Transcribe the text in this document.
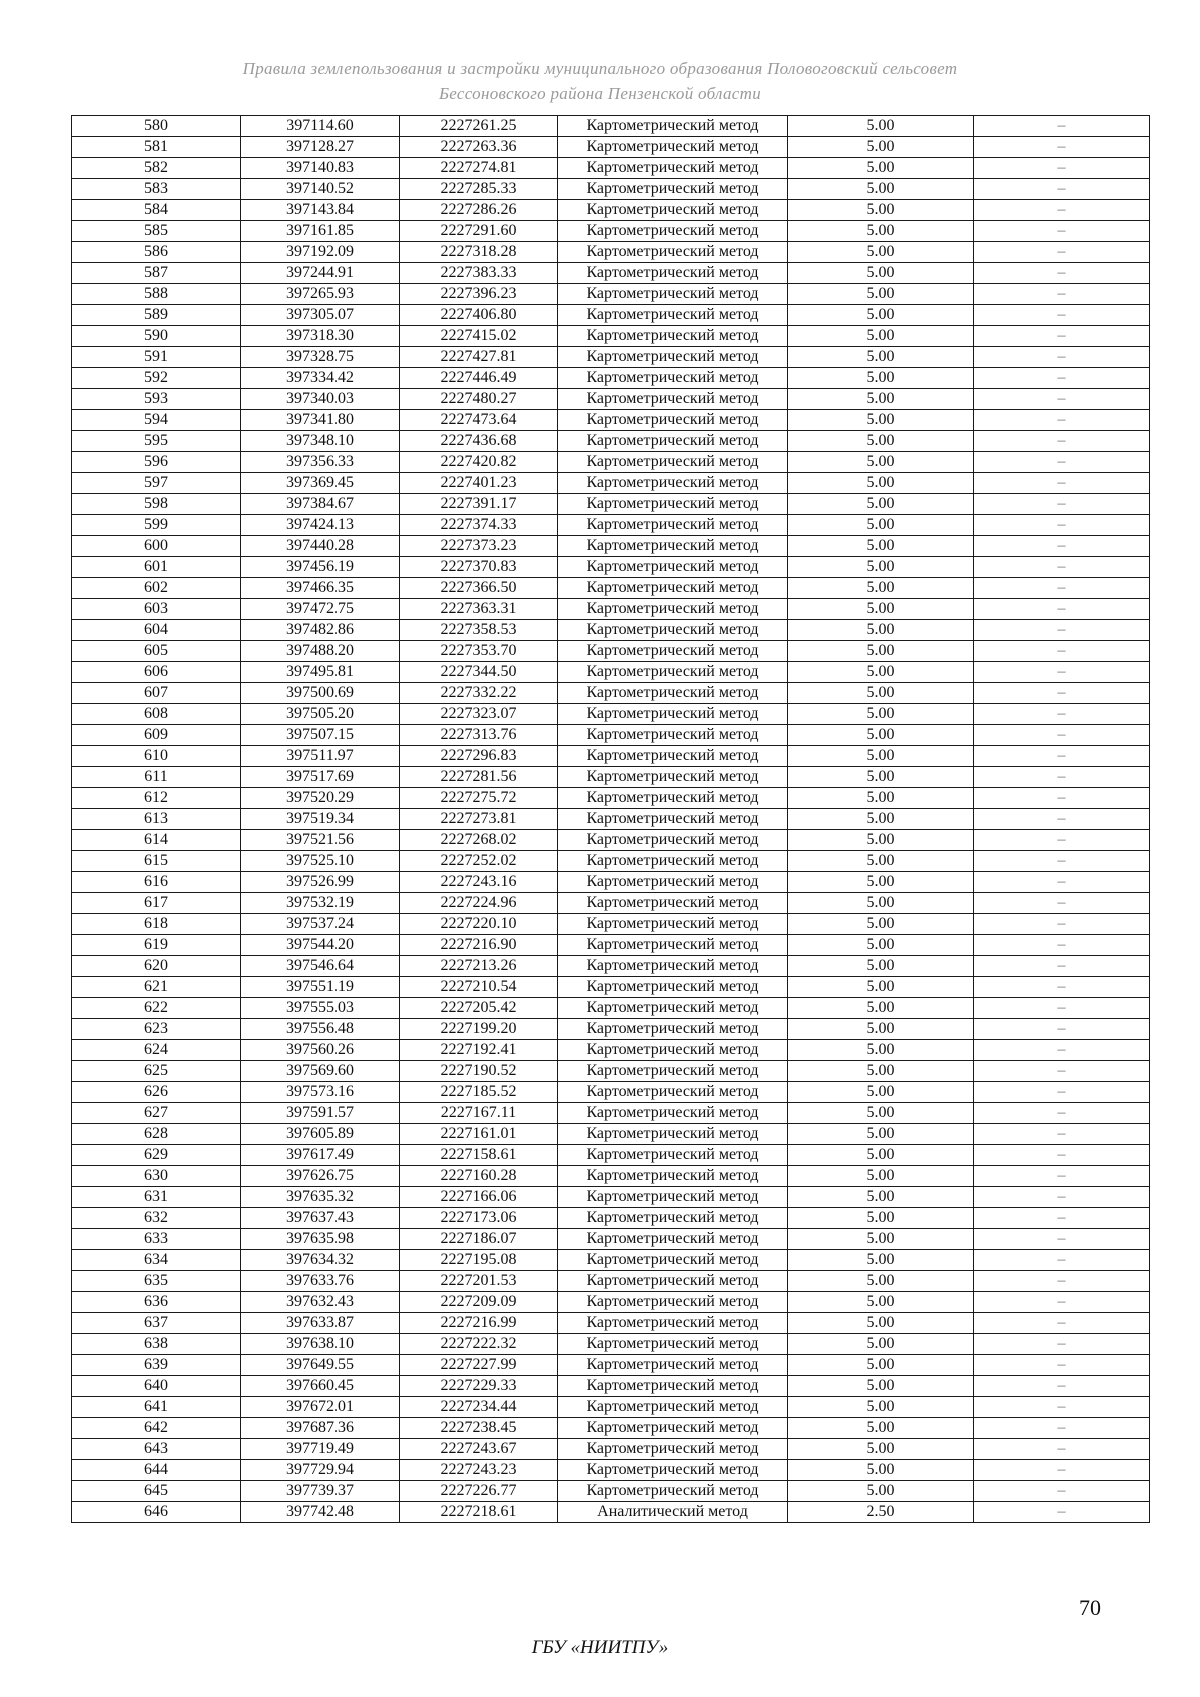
Правила землепользования и застройки муниципального образования Половоговский сельсовет
Бессоновского района Пензенской области
580	397114.60	2227261.25	Картометрический метод	5.00	–
581	397128.27	2227263.36	Картометрический метод	5.00	–
582	397140.83	2227274.81	Картометрический метод	5.00	–
583	397140.52	2227285.33	Картометрический метод	5.00	–
584	397143.84	2227286.26	Картометрический метод	5.00	–
585	397161.85	2227291.60	Картометрический метод	5.00	–
586	397192.09	2227318.28	Картометрический метод	5.00	–
587	397244.91	2227383.33	Картометрический метод	5.00	–
588	397265.93	2227396.23	Картометрический метод	5.00	–
589	397305.07	2227406.80	Картометрический метод	5.00	–
590	397318.30	2227415.02	Картометрический метод	5.00	–
591	397328.75	2227427.81	Картометрический метод	5.00	–
592	397334.42	2227446.49	Картометрический метод	5.00	–
593	397340.03	2227480.27	Картометрический метод	5.00	–
594	397341.80	2227473.64	Картометрический метод	5.00	–
595	397348.10	2227436.68	Картометрический метод	5.00	–
596	397356.33	2227420.82	Картометрический метод	5.00	–
597	397369.45	2227401.23	Картометрический метод	5.00	–
598	397384.67	2227391.17	Картометрический метод	5.00	–
599	397424.13	2227374.33	Картометрический метод	5.00	–
600	397440.28	2227373.23	Картометрический метод	5.00	–
601	397456.19	2227370.83	Картометрический метод	5.00	–
602	397466.35	2227366.50	Картометрический метод	5.00	–
603	397472.75	2227363.31	Картометрический метод	5.00	–
604	397482.86	2227358.53	Картометрический метод	5.00	–
605	397488.20	2227353.70	Картометрический метод	5.00	–
606	397495.81	2227344.50	Картометрический метод	5.00	–
607	397500.69	2227332.22	Картометрический метод	5.00	–
608	397505.20	2227323.07	Картометрический метод	5.00	–
609	397507.15	2227313.76	Картометрический метод	5.00	–
610	397511.97	2227296.83	Картометрический метод	5.00	–
611	397517.69	2227281.56	Картометрический метод	5.00	–
612	397520.29	2227275.72	Картометрический метод	5.00	–
613	397519.34	2227273.81	Картометрический метод	5.00	–
614	397521.56	2227268.02	Картометрический метод	5.00	–
615	397525.10	2227252.02	Картометрический метод	5.00	–
616	397526.99	2227243.16	Картометрический метод	5.00	–
617	397532.19	2227224.96	Картометрический метод	5.00	–
618	397537.24	2227220.10	Картометрический метод	5.00	–
619	397544.20	2227216.90	Картометрический метод	5.00	–
620	397546.64	2227213.26	Картометрический метод	5.00	–
621	397551.19	2227210.54	Картометрический метод	5.00	–
622	397555.03	2227205.42	Картометрический метод	5.00	–
623	397556.48	2227199.20	Картометрический метод	5.00	–
624	397560.26	2227192.41	Картометрический метод	5.00	–
625	397569.60	2227190.52	Картометрический метод	5.00	–
626	397573.16	2227185.52	Картометрический метод	5.00	–
627	397591.57	2227167.11	Картометрический метод	5.00	–
628	397605.89	2227161.01	Картометрический метод	5.00	–
629	397617.49	2227158.61	Картометрический метод	5.00	–
630	397626.75	2227160.28	Картометрический метод	5.00	–
631	397635.32	2227166.06	Картометрический метод	5.00	–
632	397637.43	2227173.06	Картометрический метод	5.00	–
633	397635.98	2227186.07	Картометрический метод	5.00	–
634	397634.32	2227195.08	Картометрический метод	5.00	–
635	397633.76	2227201.53	Картометрический метод	5.00	–
636	397632.43	2227209.09	Картометрический метод	5.00	–
637	397633.87	2227216.99	Картометрический метод	5.00	–
638	397638.10	2227222.32	Картометрический метод	5.00	–
639	397649.55	2227227.99	Картометрический метод	5.00	–
640	397660.45	2227229.33	Картометрический метод	5.00	–
641	397672.01	2227234.44	Картометрический метод	5.00	–
642	397687.36	2227238.45	Картометрический метод	5.00	–
643	397719.49	2227243.67	Картометрический метод	5.00	–
644	397729.94	2227243.23	Картометрический метод	5.00	–
645	397739.37	2227226.77	Картометрический метод	5.00	–
646	397742.48	2227218.61	Аналитический метод	2.50	–
70
ГБУ «НИИТПУ»
